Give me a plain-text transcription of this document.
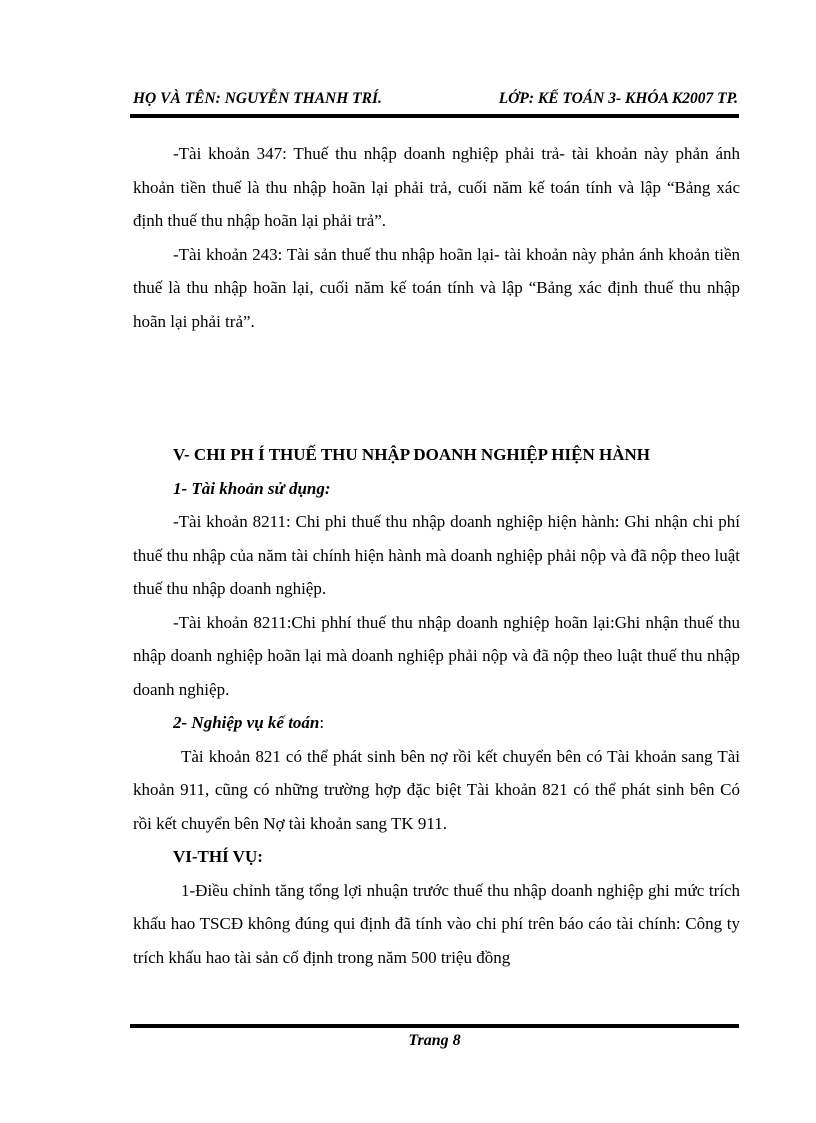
HỌ VÀ TÊN: NGUYỄN THANH TRÍ.	LỚP: KẾ TOÁN 3- KHÓA K2007 TP.

-Tài khoản 347: Thuế thu nhập doanh nghiệp phải trả- tài khoản này phản ánh khoản tiền thuế là thu nhập hoãn lại phải trả, cuối năm kế toán tính và lập “Bảng xác định thuế thu nhập hoãn lại phải trả”.

-Tài khoản 243: Tài sản thuế thu nhập hoãn lại- tài khoản này phản ánh khoản tiền thuế là thu nhập hoãn lại, cuối năm kế toán tính và lập “Bảng xác định thuế thu nhập hoãn lại phải trả”.

V- CHI PH Í THUẾ THU NHẬP DOANH NGHIỆP HIỆN HÀNH

1- Tài khoản sử dụng:

-Tài khoản 8211: Chi phi thuế thu nhập doanh nghiệp hiện hành: Ghi nhận chi phí thuế thu nhập của năm tài chính hiện hành mà doanh nghiệp phải nộp và đã nộp theo luật thuế thu nhập doanh nghiệp.

-Tài khoản 8211:Chi phhí thuế thu nhập doanh nghiệp hoãn lại:Ghi nhận thuế thu nhập doanh nghiệp hoãn lại mà doanh nghiệp phải nộp và đã nộp theo luật thuế thu nhập doanh nghiệp.

2- Nghiệp vụ kế toán:

Tài khoản 821 có thể phát sinh bên nợ rồi kết chuyển bên có Tài khoản sang Tài khoản 911, cũng có những trường hợp đặc biệt Tài khoản 821 có thể phát sinh bên Có rồi kết chuyển bên Nợ tài khoản sang TK 911.

VI-THÍ VỤ:

1-Điều chỉnh tăng tổng lợi nhuận trước thuế thu nhập doanh nghiệp ghi mức trích khấu hao TSCĐ không đúng qui định đã tính vào chi phí trên báo cáo tài chính: Công ty trích khấu hao tài sản cố định trong năm 500 triệu đồng

Trang 8
